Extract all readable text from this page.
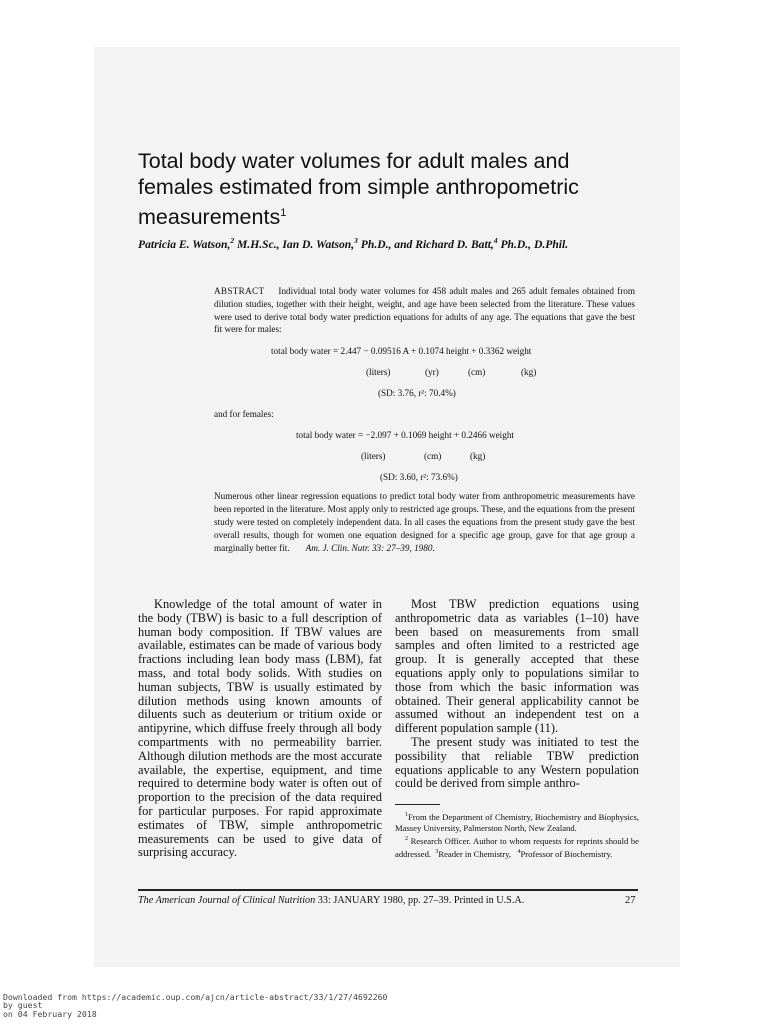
Total body water volumes for adult males and
females estimated from simple anthropometric
measurements$^1$
Patricia E. Watson,$^2$ M.H.Sc., Ian D. Watson,$^3$ Ph.D., and Richard D. Batt,$^4$ Ph.D., D.Phil.
ABSTRACT Individual total body water volumes for 458 adult males and 265 adult females obtained from dilution studies, together with their height, weight, and age have been selected from the literature. These values were used to derive total body water prediction equations for adults of any age. The equations that gave the best fit were for males:
total body water = 2.447 − 0.09516 A + 0.1074 height + 0.3362 weight
(liters)	(yr)	(cm)	(kg)
(SD: 3.76, r²: 70.4%)
and for females:
total body water = −2.097 + 0.1069 height + 0.2466 weight
(liters)	(cm)	(kg)
(SD: 3.60, r²: 73.6%)
Numerous other linear regression equations to predict total body water from anthropometric measurements have been reported in the literature. Most apply only to restricted age groups. These, and the equations from the present study were tested on completely independent data. In all cases the equations from the present study gave the best overall results, though for women one equation designed for a specific age group, gave for that age group a marginally better fit. Am. J. Clin. Nutr. 33: 27–39, 1980.

Knowledge of the total amount of water in the body (TBW) is basic to a full description of human body composition. If TBW values are available, estimates can be made of various body fractions including lean body mass (LBM), fat mass, and total body solids. With studies on human subjects, TBW is usually estimated by dilution methods using known amounts of diluents such as deuterium or tritium oxide or antipyrine, which diffuse freely through all body compartments with no permeability barrier. Although dilution methods are the most accurate available, the expertise, equipment, and time required to determine body water is often out of proportion to the precision of the data required for particular purposes. For rapid approximate estimates of TBW, simple anthropometric measurements can be used to give data of surprising accuracy.

Most TBW prediction equations using anthropometric data as variables (1–10) have been based on measurements from small samples and often limited to a restricted age group. It is generally accepted that these equations apply only to populations similar to those from which the basic information was obtained. Their general applicability cannot be assumed without an independent test on a different population sample (11).

The present study was initiated to test the possibility that reliable TBW prediction equations applicable to any Western population could be derived from simple anthro-

$^1$From the Department of Chemistry, Biochemistry and Biophysics, Massey University, Palmerston North, New Zealand.

$^2$ Research Officer. Author to whom requests for reprints should be addressed. $^3$Reader in Chemistry, $^4$Professor of Biochemistry.

The American Journal of Clinical Nutrition 33: JANUARY 1980, pp. 27–39. Printed in U.S.A.	27
Downloaded from https://academic.oup.com/ajcn/article-abstract/33/1/27/4692260
by guest
on 04 February 2018
